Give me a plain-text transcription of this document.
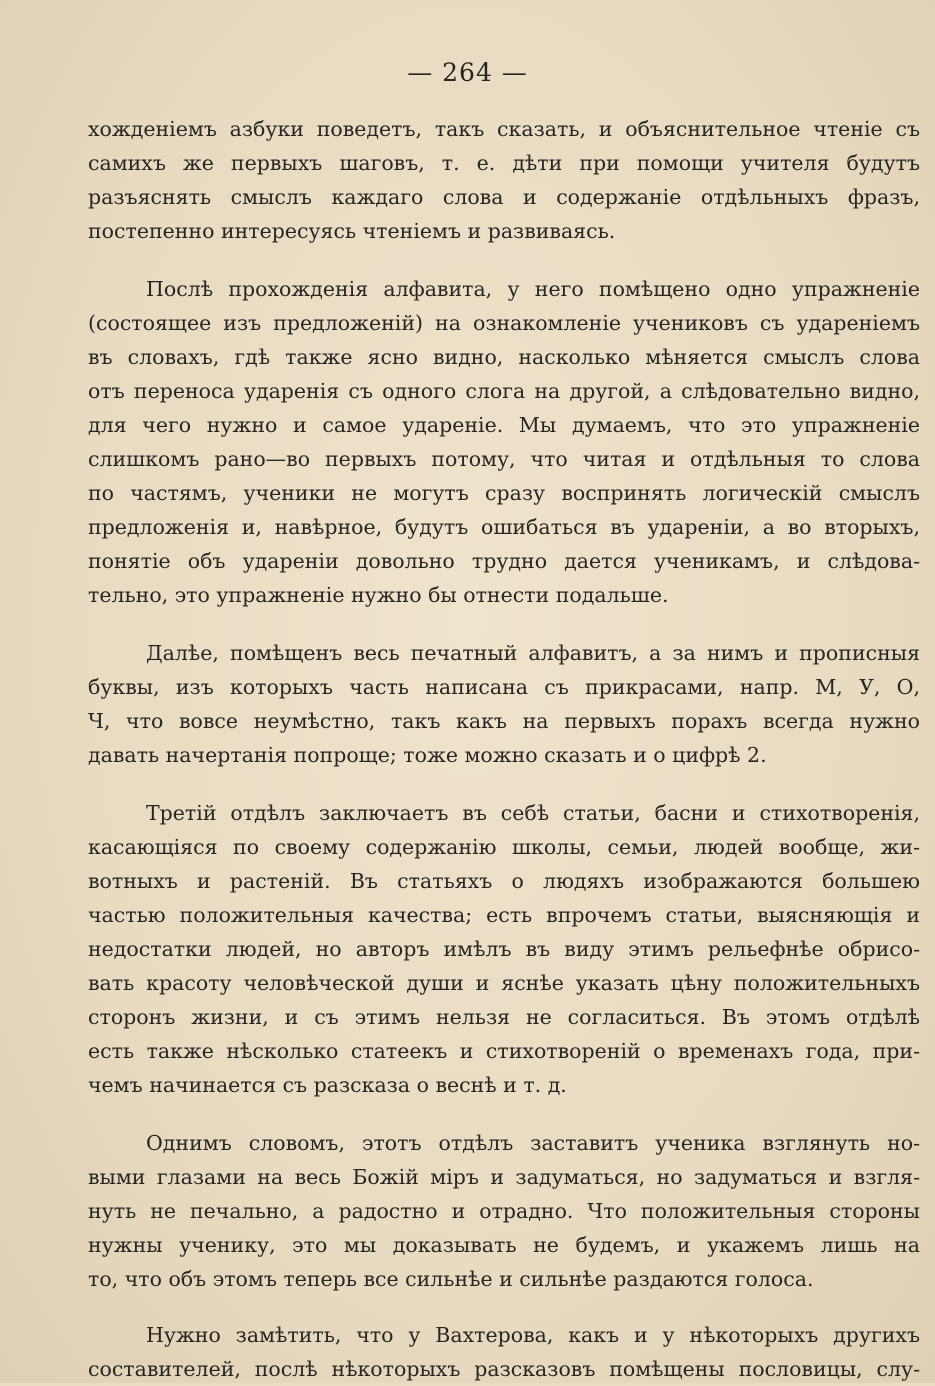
— 264 —
хожденіемъ азбуки поведетъ, такъ сказать, и объяснительное чтеніе съ
самихъ же первыхъ шаговъ, т. е. дѣти при помощи учителя будутъ
разъяснять смыслъ каждаго слова и содержаніе отдѣльныхъ фразъ,
постепенно интересуясь чтеніемъ и развиваясь.
Послѣ прохожденія алфавита, у него помѣщено одно упражненіе
(состоящее изъ предложеній) на ознакомленіе учениковъ съ удареніемъ
въ словахъ, гдѣ также ясно видно, насколько мѣняется смыслъ слова
отъ переноса ударенія съ одного слога на другой, а слѣдовательно видно,
для чего нужно и самое удареніе. Мы думаемъ, что это упражненіе
слишкомъ рано—во первыхъ потому, что читая и отдѣльныя то слова
по частямъ, ученики не могутъ сразу воспринять логическій смыслъ
предложенія и, навѣрное, будутъ ошибаться въ удареніи, а во вторыхъ,
понятіе объ удареніи довольно трудно дается ученикамъ, и слѣдова-
тельно, это упражненіе нужно бы отнести подальше.
Далѣе, помѣщенъ весь печатный алфавитъ, а за нимъ и прописныя
буквы, изъ которыхъ часть написана съ прикрасами, напр. М, У, О,
Ч, что вовсе неумѣстно, такъ какъ на первыхъ порахъ всегда нужно
давать начертанія попроще; тоже можно сказать и о цифрѣ 2.
Третій отдѣлъ заключаетъ въ себѣ статьи, басни и стихотворенія,
касающіяся по своему содержанію школы, семьи, людей вообще, жи-
вотныхъ и растеній. Въ статьяхъ о людяхъ изображаются большею
частью положительныя качества; есть впрочемъ статьи, выясняющія и
недостатки людей, но авторъ имѣлъ въ виду этимъ рельефнѣе обрисо-
вать красоту человѣческой души и яснѣе указать цѣну положительныхъ
сторонъ жизни, и съ этимъ нельзя не согласиться. Въ этомъ отдѣлѣ
есть также нѣсколько статеекъ и стихотвореній о временахъ года, при-
чемъ начинается съ разсказа о веснѣ и т. д.
Однимъ словомъ, этотъ отдѣлъ заставитъ ученика взглянуть но-
выми глазами на весь Божій міръ и задуматься, но задуматься и взгля-
нуть не печально, а радостно и отрадно. Что положительныя стороны
нужны ученику, это мы доказывать не будемъ, и укажемъ лишь на
то, что объ этомъ теперь все сильнѣе и сильнѣе раздаются голоса.
Нужно замѣтить, что у Вахтерова, какъ и у нѣкоторыхъ другихъ
составителей, послѣ нѣкоторыхъ разсказовъ помѣщены пословицы, слу-
